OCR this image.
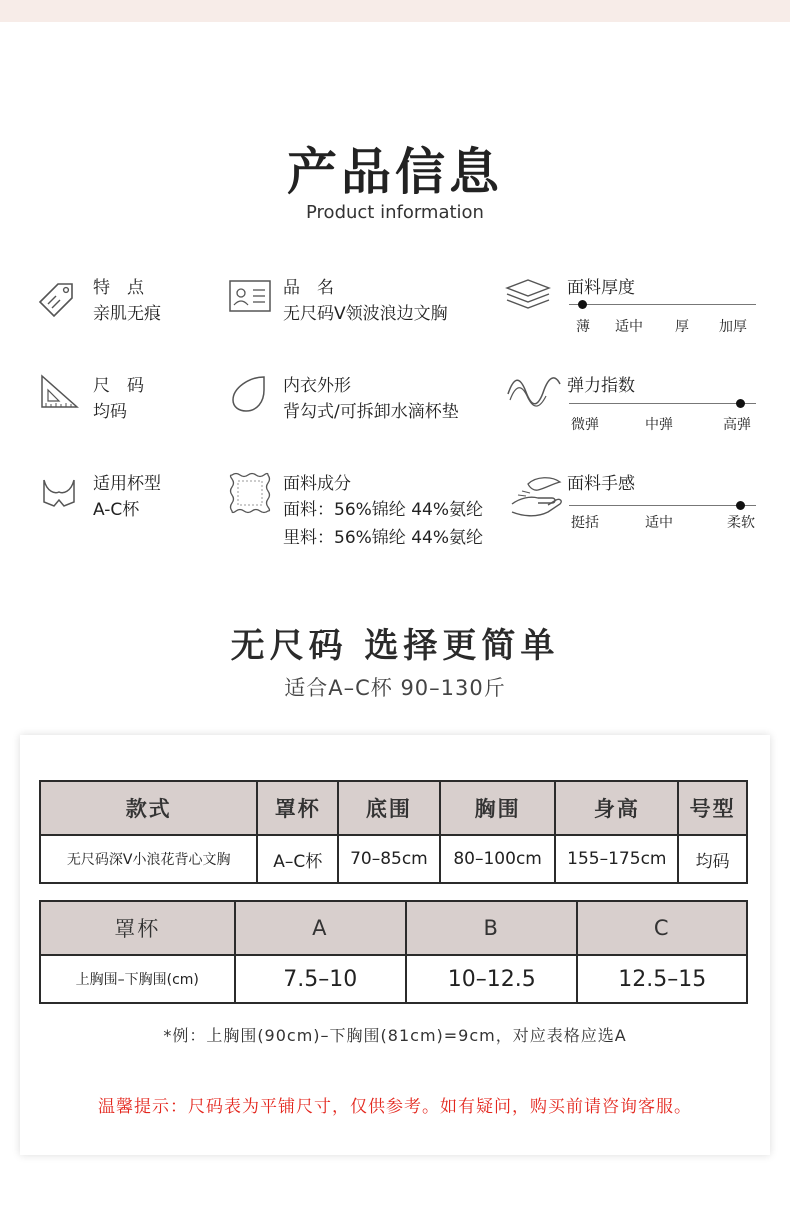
产品信息
Product information
特　点
亲肌无痕
品　名
无尺码V领波浪边文胸
面料厚度
薄 适中 厚 加厚
尺　码
均码
内衣外形
背勾式/可拆卸水滴杯垫
弹力指数
微弹	中弹	高弹
适用杯型
A-C杯
面料成分
面料：56%锦纶 44%氨纶
里料：56%锦纶 44%氨纶
面料手感
挺括	适中	柔软
无尺码 选择更简单
适合A–C杯 90–130斤
款式	罩杯	底围	胸围	身高	号型
无尺码深V小浪花背心文胸	A–C杯	70–85cm	80–100cm	155–175cm	均码
罩杯	A	B	C
上胸围–下胸围(cm)	7.5–10	10–12.5	12.5–15
*例：上胸围(90cm)–下胸围(81cm)=9cm，对应表格应选A
温馨提示：尺码表为平铺尺寸，仅供参考。如有疑问，购买前请咨询客服。
